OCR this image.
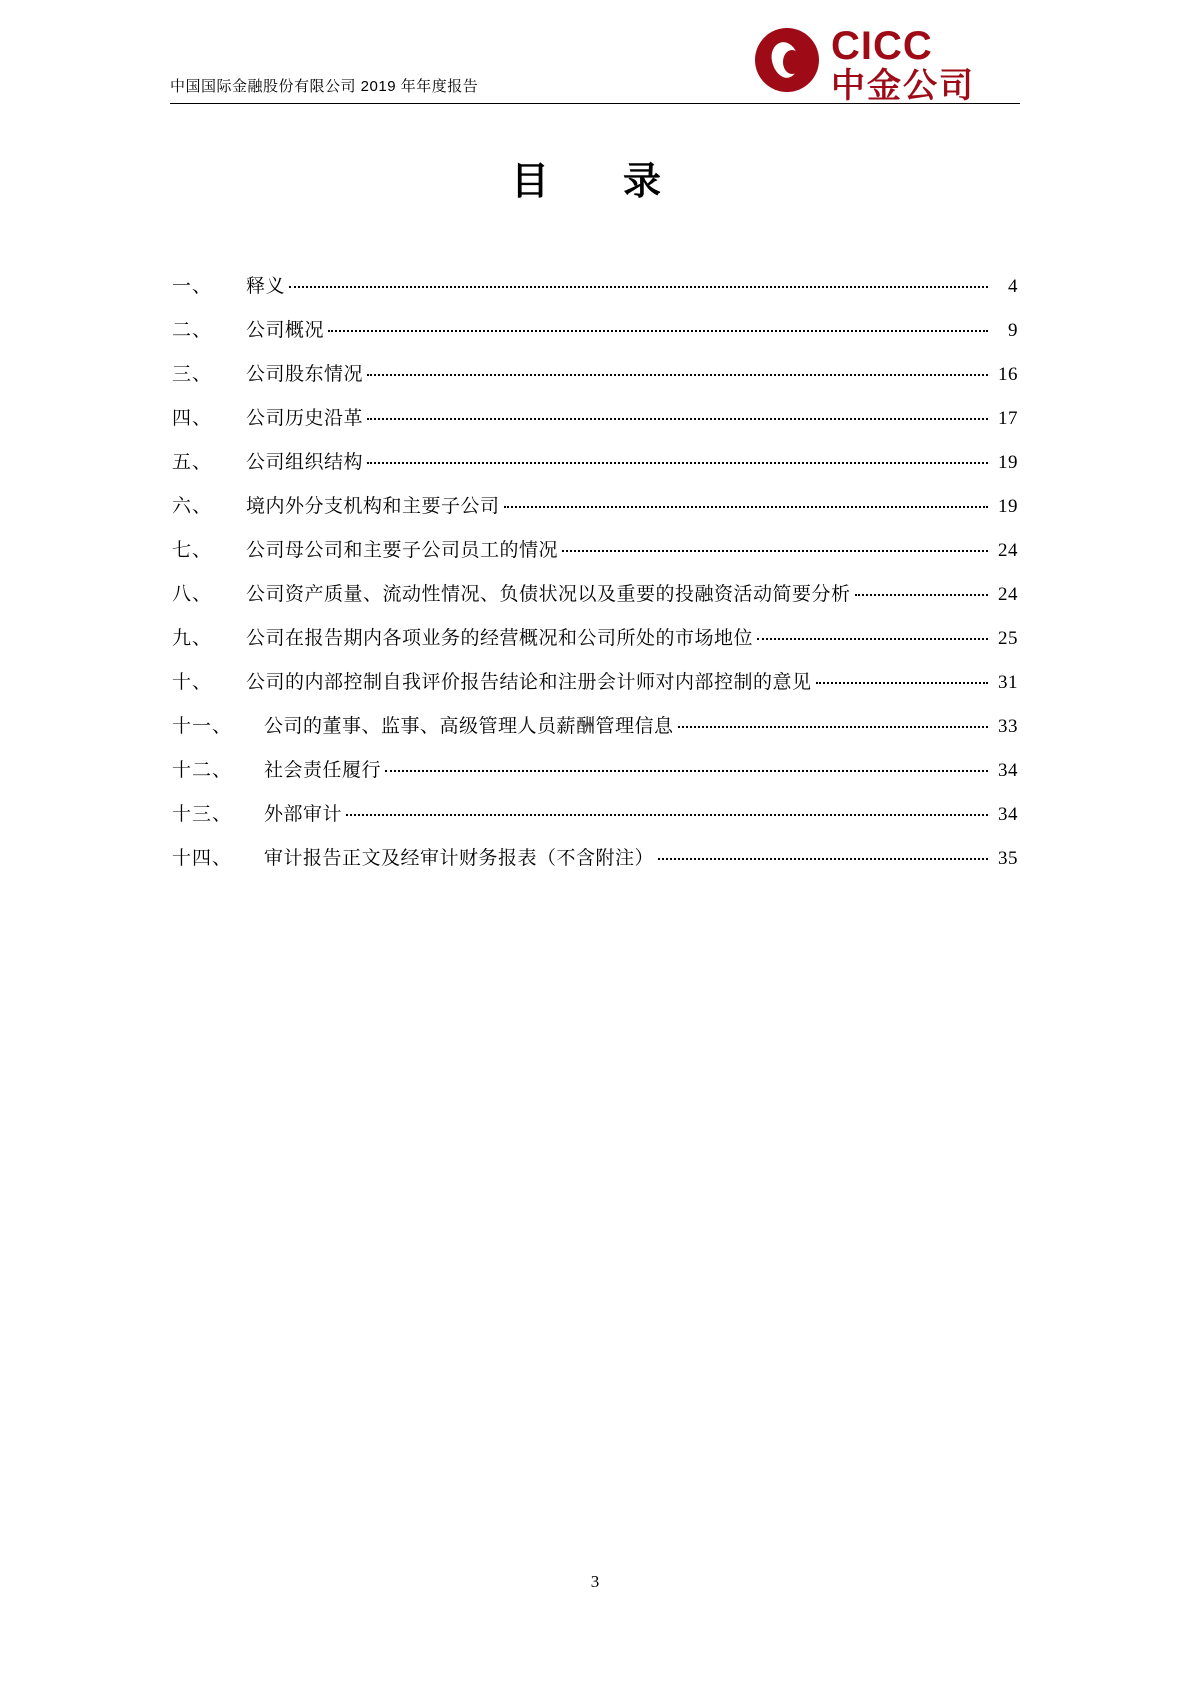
中国国际金融股份有限公司 2019 年年度报告
CICC
中金公司
目　录
一、	释义	4
二、	公司概况	9
三、	公司股东情况	16
四、	公司历史沿革	17
五、	公司组织结构	19
六、	境内外分支机构和主要子公司	19
七、	公司母公司和主要子公司员工的情况	24
八、	公司资产质量、流动性情况、负债状况以及重要的投融资活动简要分析	24
九、	公司在报告期内各项业务的经营概况和公司所处的市场地位	25
十、	公司的内部控制自我评价报告结论和注册会计师对内部控制的意见	31
十一、	公司的董事、监事、高级管理人员薪酬管理信息	33
十二、	社会责任履行	34
十三、	外部审计	34
十四、	审计报告正文及经审计财务报表（不含附注）	35
3
